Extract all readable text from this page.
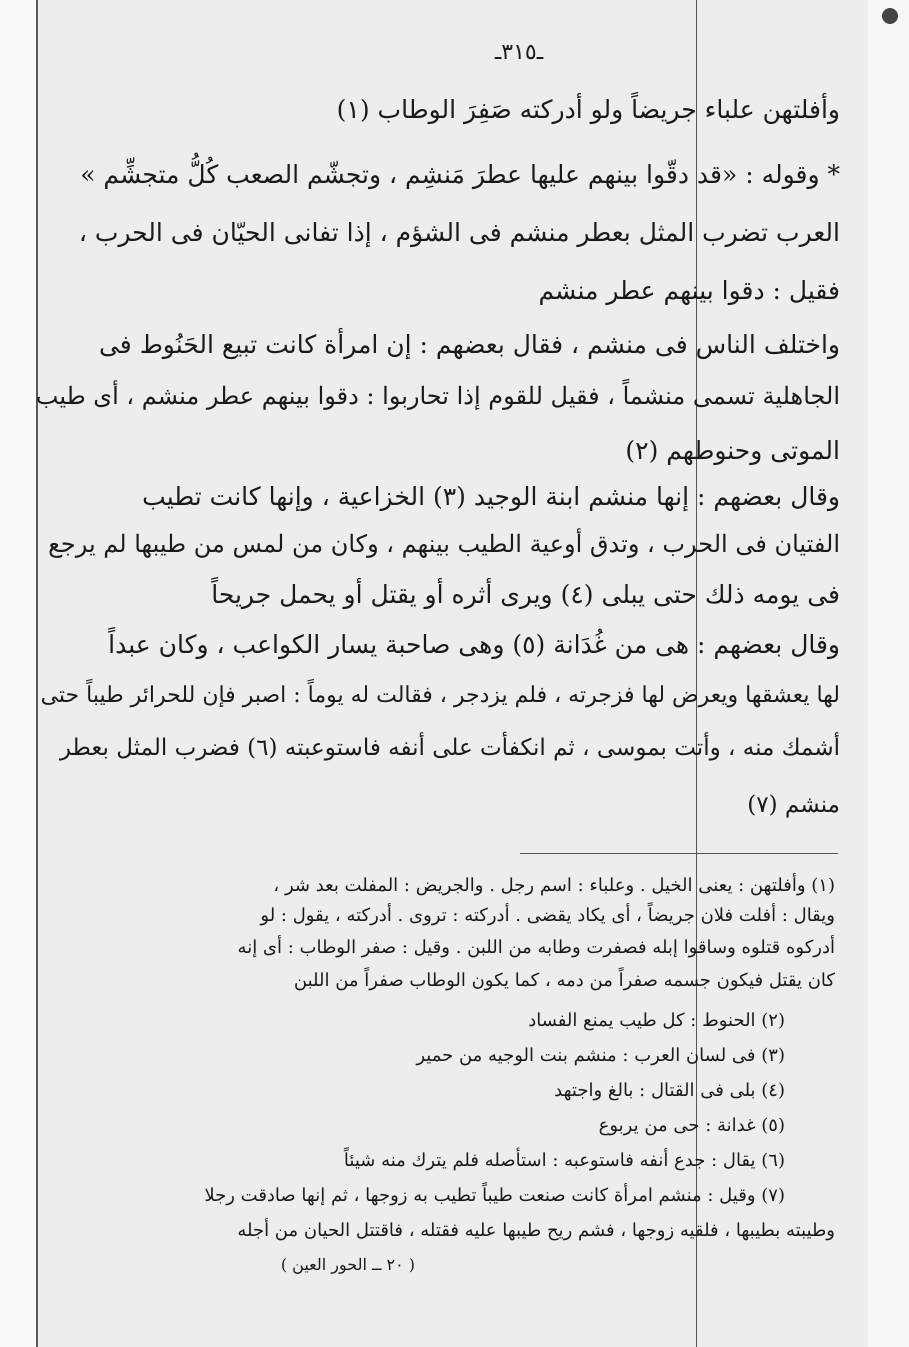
ـ٣١٥ـ
وأفلتهن علباء جريضاً ولو أدركته صَفِرَ الوطاب (١)
* وقوله : «قد دقّوا بينهم عليها عطرَ مَنشِم ، وتجشّم الصعب كُلُّ متجشِّم »
العرب تضرب المثل بعطر منشم فى الشؤم ، إذا تفانى الحيّان فى الحرب ،
فقيل : دقوا بينهم عطر منشم
واختلف الناس فى منشم ، فقال بعضهم : إن امرأة كانت تبيع الحَنُوط فى
الجاهلية تسمى منشماً ، فقيل للقوم إذا تحاربوا : دقوا بينهم عطر منشم ، أى طيب
الموتى وحنوطهم (٢)
وقال بعضهم : إنها منشم ابنة الوجيد (٣) الخزاعية ، وإنها كانت تطيب
الفتيان فى الحرب ، وتدق أوعية الطيب بينهم ، وكان من لمس من طيبها لم يرجع
فى يومه ذلك حتى يبلى (٤) ويرى أثره أو يقتل أو يحمل جريحاً
وقال بعضهم : هى من غُدَانة (٥) وهى صاحبة يسار الكواعب ، وكان عبداً
لها يعشقها ويعرض لها فزجرته ، فلم يزدجر ، فقالت له يوماً : اصبر فإن للحرائر طيباً حتى
أشمك منه ، وأتت بموسى ، ثم انكفأت على أنفه فاستوعبته (٦) فضرب المثل بعطر
منشم (٧)
(١) وأفلتهن : يعنى الخيل . وعلباء : اسم رجل . والجريض : المفلت بعد شر ،
ويقال : أفلت فلان جريضاً ، أى يكاد يقضى . أدركته : تروى . أدركته ، يقول : لو
أدركوه قتلوه وساقوا إبله فصفرت وطابه من اللبن . وقيل : صفر الوطاب : أى إنه
كان يقتل فيكون جسمه صفراً من دمه ، كما يكون الوطاب صفراً من اللبن
(٢) الحنوط : كل طيب يمنع الفساد
(٣) فى لسان العرب : منشم بنت الوجيه من حمير
(٤) بلى فى القتال : بالغ واجتهد
(٥) غدانة : حى من يربوع
(٦) يقال : جدع أنفه فاستوعبه : استأصله فلم يترك منه شيئاً
(٧) وقيل : منشم امرأة كانت صنعت طيباً تطيب به زوجها ، ثم إنها صادقت رجلا
وطيبته بطيبها ، فلقيه زوجها ، فشم ريح طيبها عليه فقتله ، فاقتتل الحيان من أجله
( ٢٠ ــ الحور العين )
